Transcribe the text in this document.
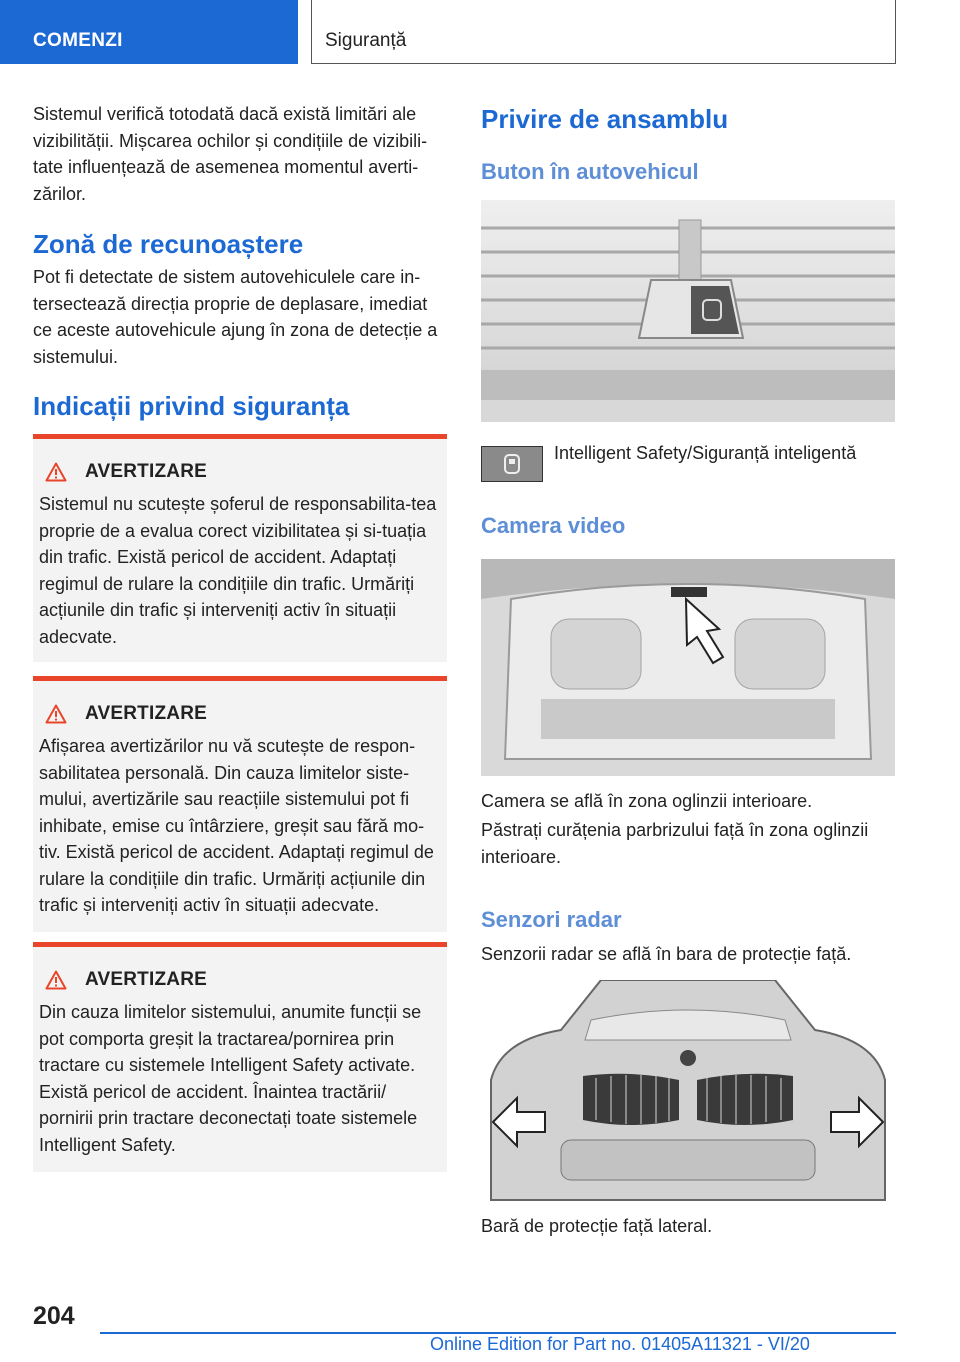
COMENZI	Siguranță

Sistemul verifică totodată dacă există limitări ale vizibilității. Mișcarea ochilor și condițiile de vizibili-tate influențează de asemenea momentul averti-zărilor.

Zonă de recunoaștere

Pot fi detectate de sistem autovehiculele care in-tersectează direcția proprie de deplasare, imediat ce aceste autovehicule ajung în zona de detecție a sistemului.

Indicații privind siguranța
AVERTIZARE

Sistemul nu scutește șoferul de responsabilita-tea proprie de a evalua corect vizibilitatea și si-tuația din trafic. Există pericol de accident. Adaptați regimul de rulare la condițiile din trafic. Urmăriți acțiunile din trafic și interveniți activ în situații adecvate.

AVERTIZARE

Afișarea avertizărilor nu vă scutește de respon-sabilitatea personală. Din cauza limitelor siste-mului, avertizările sau reacțiile sistemului pot fi inhibate, emise cu întârziere, greșit sau fără mo-tiv. Există pericol de accident. Adaptați regimul de rulare la condițiile din trafic. Urmăriți acțiunile din trafic și interveniți activ în situații adecvate.

AVERTIZARE

Din cauza limitelor sistemului, anumite funcții se pot comporta greșit la tractarea/pornirea prin tractare cu sistemele Intelligent Safety activate. Există pericol de accident. Înaintea tractării/ pornirii prin tractare deconectați toate sistemele Intelligent Safety.

Privire de ansamblu
Buton în autovehicul

Intelligent Safety/Siguranță inteligentă

Camera video

Camera se află în zona oglinzii interioare.

Păstrați curățenia parbrizului față în zona oglinzii interioare.

Senzori radar

Senzorii radar se află în bara de protecție față.

Bară de protecție față lateral.

204
Online Edition for Part no. 01405A11321 - VI/20
